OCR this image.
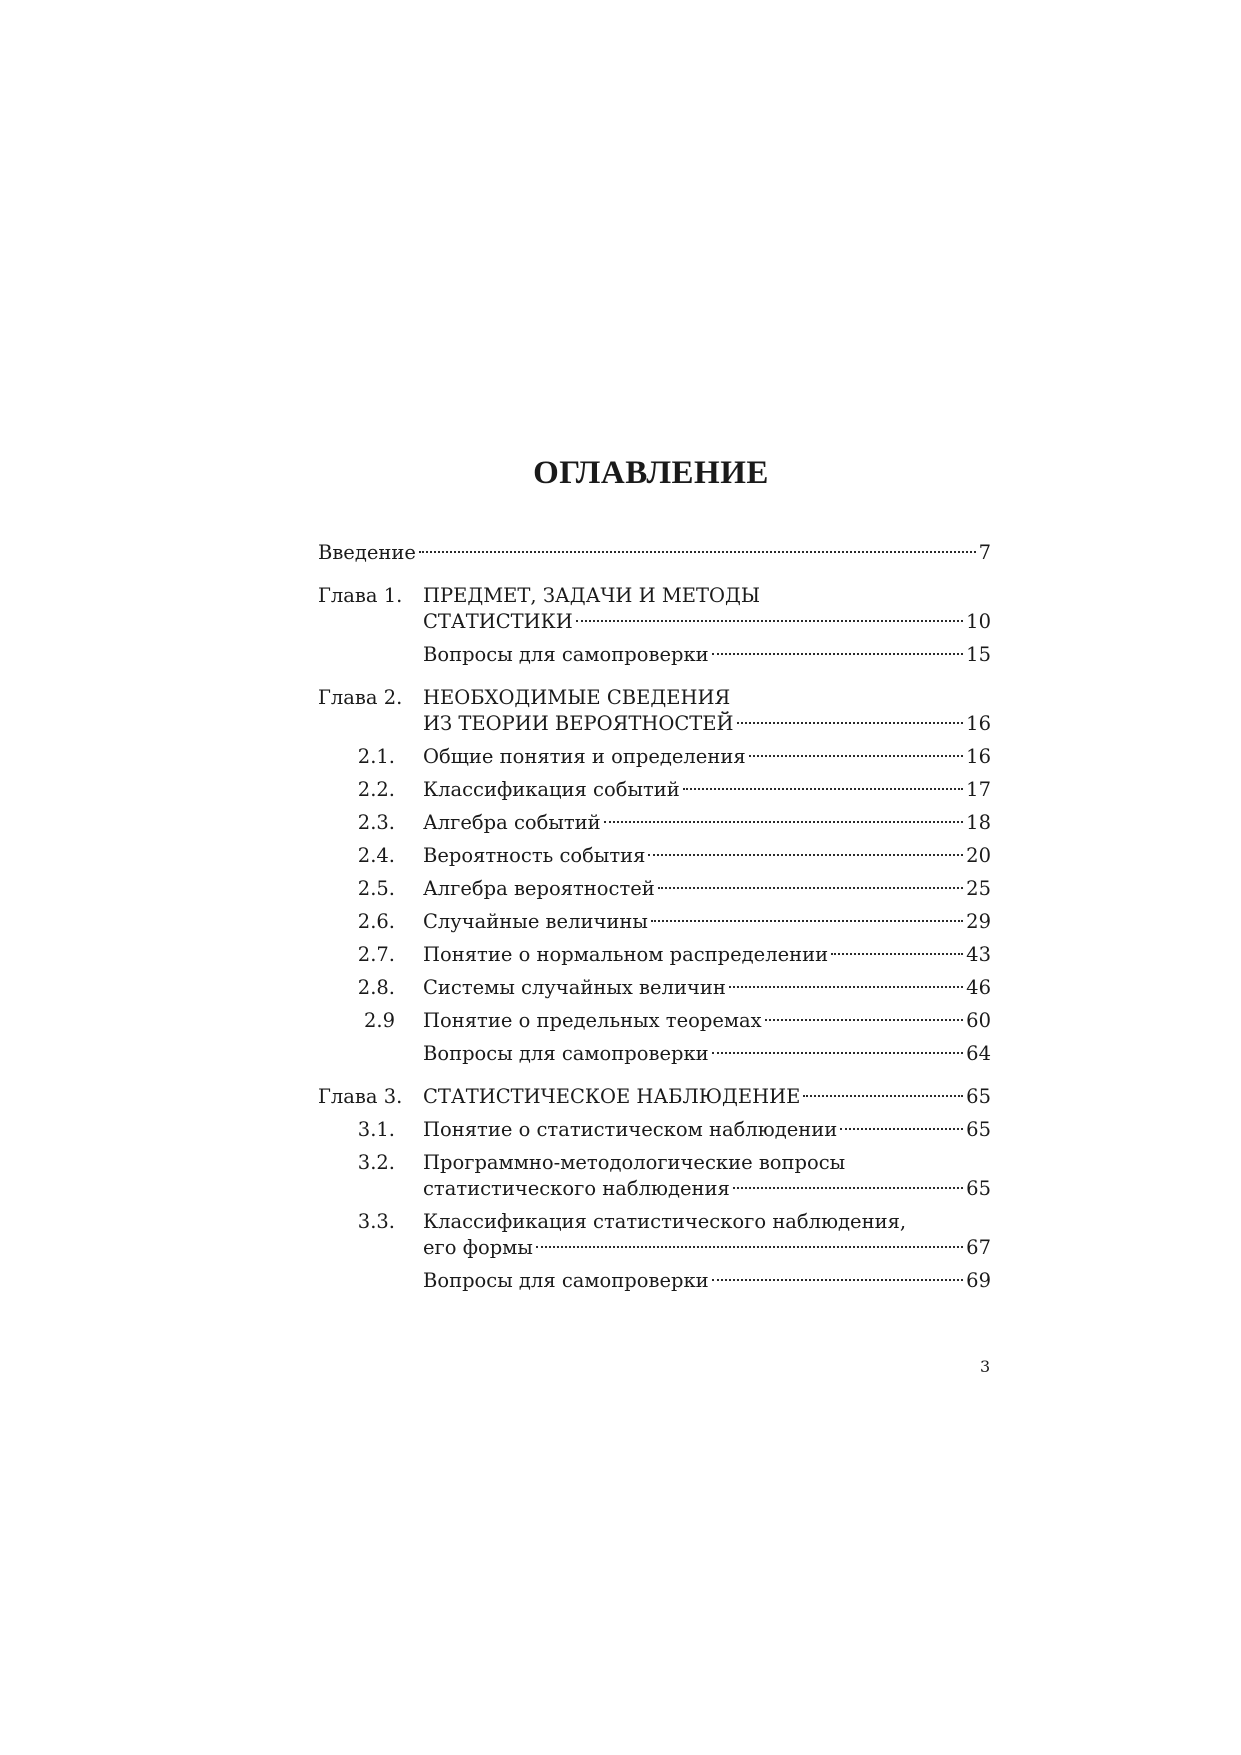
ОГЛАВЛЕНИЕ
Введение	7
Глава 1.	ПРЕДМЕТ, ЗАДАЧИ И МЕТОДЫ
СТАТИСТИКИ	10
Вопросы для самопроверки	15
Глава 2.	НЕОБХОДИМЫЕ СВЕДЕНИЯ
ИЗ ТЕОРИИ ВЕРОЯТНОСТЕЙ	16
2.1.	Общие понятия и определения	16
2.2.	Классификация событий	17
2.3.	Алгебра событий	18
2.4.	Вероятность события	20
2.5.	Алгебра вероятностей	25
2.6.	Случайные величины	29
2.7.	Понятие о нормальном распределении	43
2.8.	Системы случайных величин	46
2.9	Понятие о предельных теоремах	60
Вопросы для самопроверки	64
Глава 3.	СТАТИСТИЧЕСКОЕ НАБЛЮДЕНИЕ	65
3.1.	Понятие о статистическом наблюдении	65
3.2.	Программно-методологические вопросы
статистического наблюдения	65
3.3.	Классификация статистического наблюдения,
его формы	67
Вопросы для самопроверки	69
3
